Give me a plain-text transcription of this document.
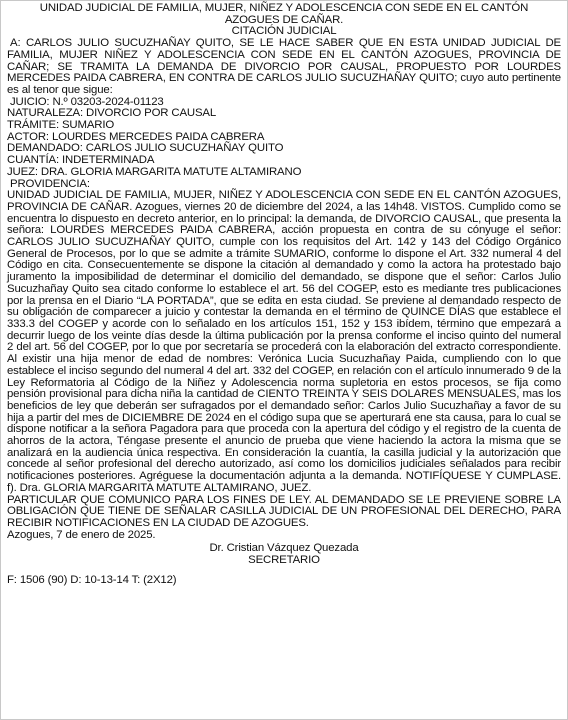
UNIDAD JUDICIAL DE FAMILIA, MUJER, NIÑEZ Y ADOLESCENCIA CON SEDE EN EL CANTÓN
AZOGUES DE CAÑAR.
CITACIÓN JUDICIAL

A: CARLOS JULIO SUCUZHAÑAY QUITO, SE LE HACE SABER QUE EN ESTA UNIDAD JUDICIAL DE FAMILIA, MUJER NIÑEZ Y ADOLESCENCIA CON SEDE EN EL CANTÓN AZOGUES, PROVINCIA DE CAÑAR; SE TRAMITA LA DEMANDA DE DIVORCIO POR CAUSAL, PROPUESTO POR LOURDES MERCEDES PAIDA CABRERA, EN CONTRA DE CARLOS JULIO SUCUZHAÑAY QUITO; cuyo auto pertinente es al tenor que sigue:

JUICIO: N.º 03203-2024-01123
NATURALEZA: DIVORCIO POR CAUSAL
TRÁMITE: SUMARIO
ACTOR: LOURDES MERCEDES PAIDA CABRERA
DEMANDADO: CARLOS JULIO SUCUZHAÑAY QUITO
CUANTÍA: INDETERMINADA
JUEZ: DRA. GLORIA MARGARITA MATUTE ALTAMIRANO
PROVIDENCIA:

UNIDAD JUDICIAL DE FAMILIA, MUJER, NIÑEZ Y ADOLESCENCIA CON SEDE EN EL CANTÓN AZOGUES, PROVINCIA DE CAÑAR. Azogues, viernes 20 de diciembre del 2024, a las 14h48. VISTOS. Cumplido como se encuentra lo dispuesto en decreto anterior, en lo principal: la demanda, de DIVORCIO CAUSAL, que presenta la señora: LOURDES MERCEDES PAIDA CABRERA, acción propuesta en contra de su cónyuge el señor: CARLOS JULIO SUCUZHAÑAY QUITO, cumple con los requisitos del Art. 142 y 143 del Código Orgánico General de Procesos, por lo que se admite a trámite SUMARIO, conforme lo dispone el Art. 332 numeral 4 del Código en cita. Consecuentemente se dispone la citación al demandado y como la actora ha protestado bajo juramento la imposibilidad de determinar el domicilio del demandado, se dispone que el señor: Carlos Julio Sucuzhañay Quito sea citado conforme lo establece el art. 56 del COGEP, esto es mediante tres publicaciones por la prensa en el Diario “LA PORTADA”, que se edita en esta ciudad. Se previene al demandado respecto de su obligación de comparecer a juicio y contestar la demanda en el término de QUINCE DÍAS que establece el 333.3 del COGEP y acorde con lo señalado en los artículos 151, 152 y 153 ibídem, término que empezará a decurrir luego de los veinte días desde la última publicación por la prensa conforme el inciso quinto del numeral 2 del art. 56 del COGEP, por lo que por secretaría se procederá con la elaboración del extracto correspondiente. Al existir una hija menor de edad de nombres: Verónica Lucia Sucuzhañay Paida, cumpliendo con lo que establece el inciso segundo del numeral 4 del art. 332 del COGEP, en relación con el artículo innumerado 9 de la Ley Reformatoria al Código de la Niñez y Adolescencia norma supletoria en estos procesos, se fija como pensión provisional para dicha niña la cantidad de CIENTO TREINTA Y SEIS DOLARES MENSUALES, mas los beneficios de ley que deberán ser sufragados por el demandado señor: Carlos Julio Sucuzhañay a favor de su hija a partir del mes de DICIEMBRE DE 2024 en el código supa que se aperturará ene sta causa, para lo cual se dispone notificar a la señora Pagadora para que proceda con la apertura del código y el registro de la cuenta de ahorros de la actora, Téngase presente el anuncio de prueba que viene haciendo la actora la misma que se analizará en la audiencia única respectiva. En consideración la cuantía, la casilla judicial y la autorización que concede al señor profesional del derecho autorizado, así como los domicilios judiciales señalados para recibir notificaciones posteriores. Agréguese la documentación adjunta a la demanda. NOTIFÍQUESE Y CUMPLASE. f). Dra. GLORIA MARGARITA MATUTE ALTAMIRANO, JUEZ.

PARTICULAR QUE COMUNICO PARA LOS FINES DE LEY. AL DEMANDADO SE LE PREVIENE SOBRE LA OBLIGACIÓN QUE TIENE DE SEÑALAR CASILLA JUDICIAL DE UN PROFESIONAL DEL DERECHO, PARA RECIBIR NOTIFICACIONES EN LA CIUDAD DE AZOGUES.

Azogues, 7 de enero de 2025.
Dr. Cristian Vázquez Quezada
SECRETARIO
F: 1506 (90) D: 10-13-14 T: (2X12)
